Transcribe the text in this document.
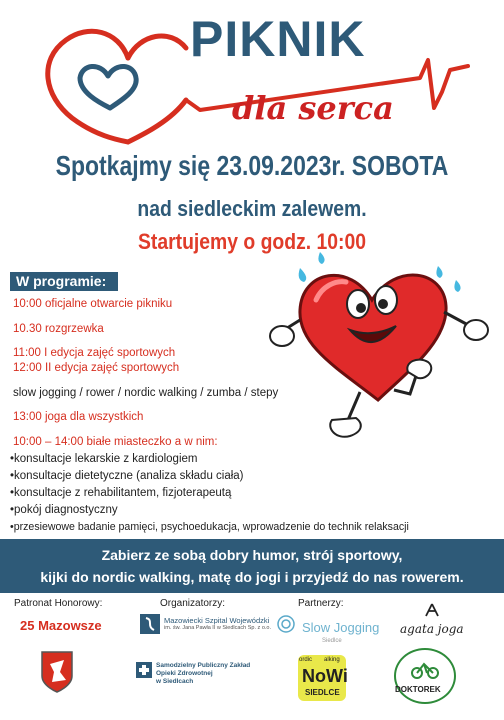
PIKNIK
dla serca

Spotkajmy się 23.09.2023r. SOBOTA

nad siedleckim zalewem.

Startujemy o godz. 10:00

W programie:
10:00 oficjalne otwarcie pikniku
10.30 rozgrzewka
11:00 I edycja zajęć sportowych
12:00 II edycja zajęć sportowych
slow jogging / rower / nordic walking / zumba / stepy
13:00 joga dla wszystkich
10:00 – 14:00 białe miasteczko a w nim:
• konsultacje lekarskie z kardiologiem
• konsultacje dietetyczne (analiza składu ciała)
• konsultacje z rehabilitantem, fizjoterapeutą
• pokój diagnostyczny
• przesiewowe badanie pamięci, psychoedukacja, wprowadzenie do technik relaksacji
Zabierz ze sobą dobry humor, strój sportowy,
kijki do nordic walking, matę do jogi i przyjedź do nas rowerem.
Patronat Honorowy:	Organizatorzy:	Partnerzy:
25 Mazowsze	Mazowiecki Szpital Wojewódzki
im. św. Jana Pawła II w Siedlcach Sp. z o.o.
Samodzielny Publiczny Zakład
Opieki Zdrowotnej
w Siedlcach
Slow Jogging
Siedlce
agata joga
ordic alking
NoWi
SIEDLCE	DOKTOREK
